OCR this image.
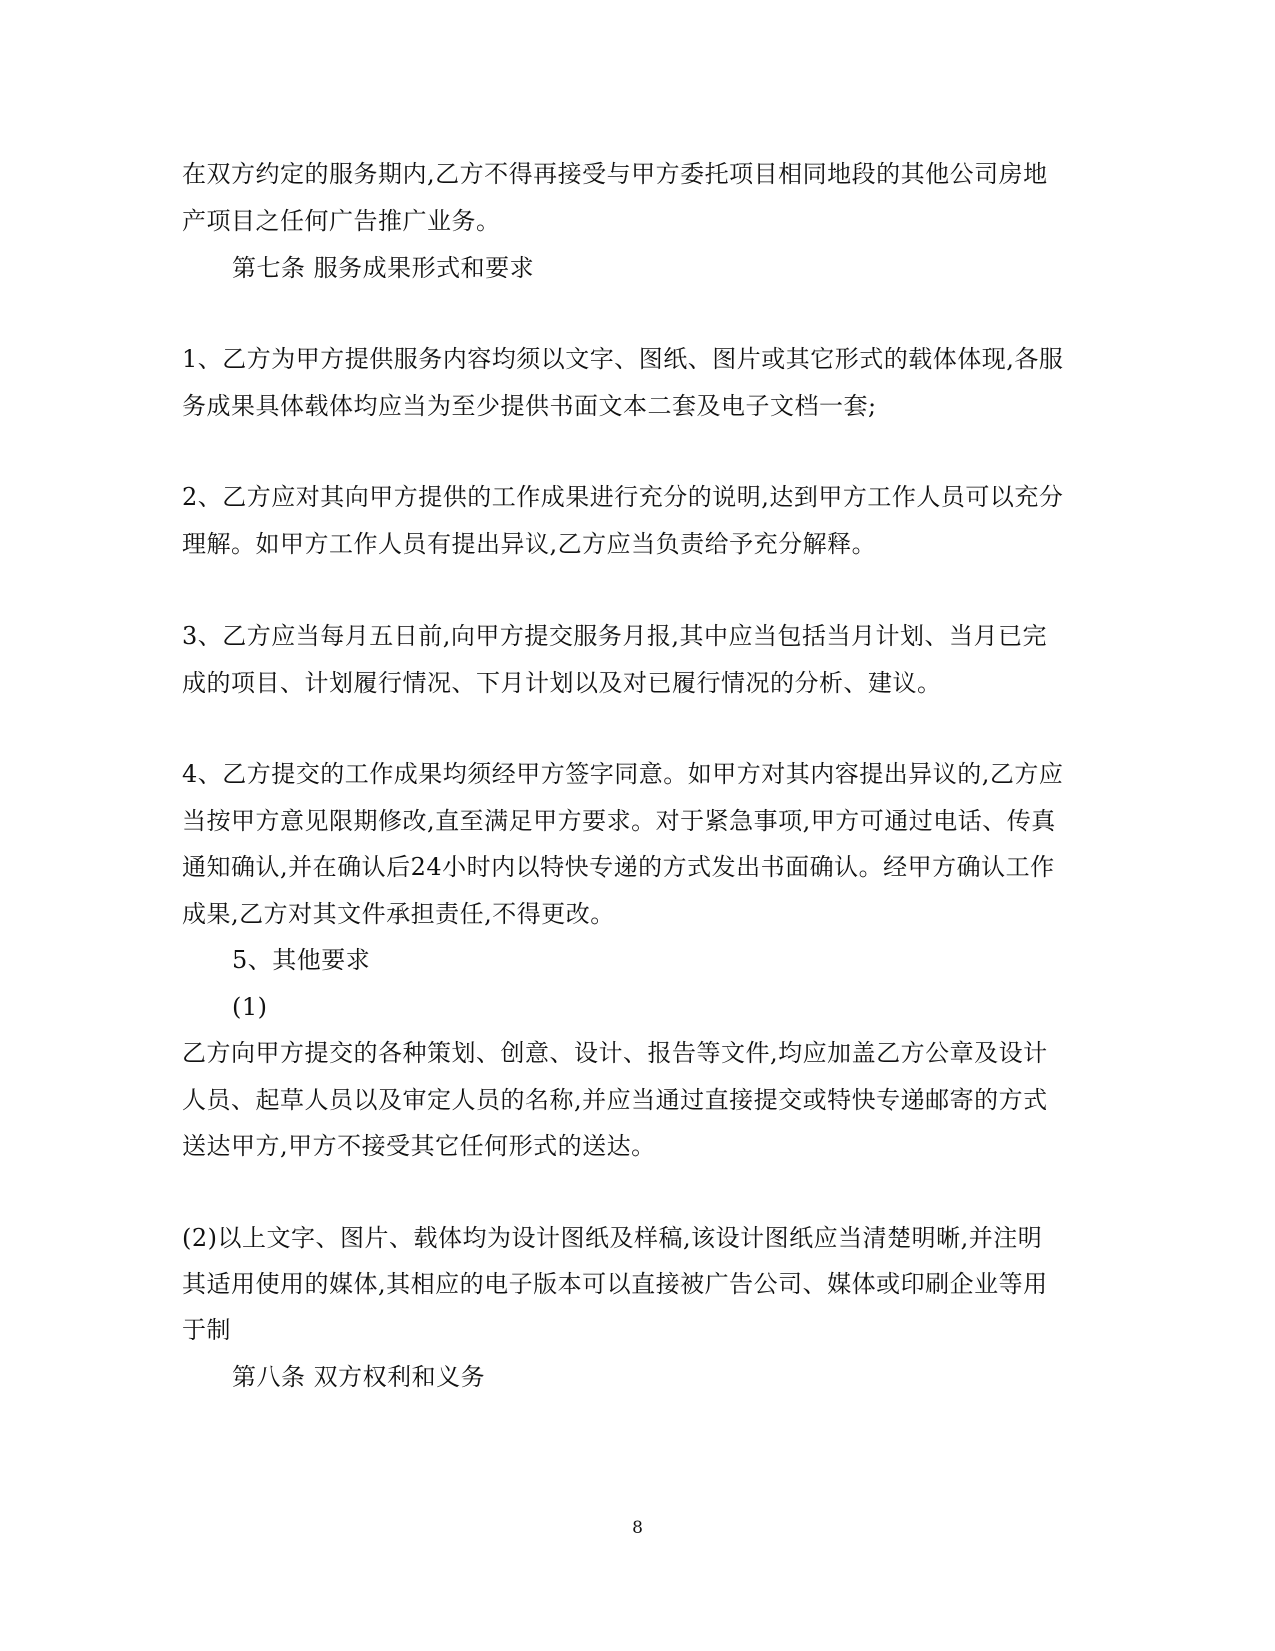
在双方约定的服务期内,乙方不得再接受与甲方委托项目相同地段的其他公司房地
产项目之任何广告推广业务。
第七条 服务成果形式和要求
1、乙方为甲方提供服务内容均须以文字、图纸、图片或其它形式的载体体现,各服
务成果具体载体均应当为至少提供书面文本二套及电子文档一套;
2、乙方应对其向甲方提供的工作成果进行充分的说明,达到甲方工作人员可以充分
理解。如甲方工作人员有提出异议,乙方应当负责给予充分解释。
3、乙方应当每月五日前,向甲方提交服务月报,其中应当包括当月计划、当月已完
成的项目、计划履行情况、下月计划以及对已履行情况的分析、建议。
4、乙方提交的工作成果均须经甲方签字同意。如甲方对其内容提出异议的,乙方应
当按甲方意见限期修改,直至满足甲方要求。对于紧急事项,甲方可通过电话、传真
通知确认,并在确认后24小时内以特快专递的方式发出书面确认。经甲方确认工作
成果,乙方对其文件承担责任,不得更改。
5、其他要求
(1)
乙方向甲方提交的各种策划、创意、设计、报告等文件,均应加盖乙方公章及设计
人员、起草人员以及审定人员的名称,并应当通过直接提交或特快专递邮寄的方式
送达甲方,甲方不接受其它任何形式的送达。
(2)以上文字、图片、载体均为设计图纸及样稿,该设计图纸应当清楚明晰,并注明
其适用使用的媒体,其相应的电子版本可以直接被广告公司、媒体或印刷企业等用
于制
第八条 双方权利和义务
8
